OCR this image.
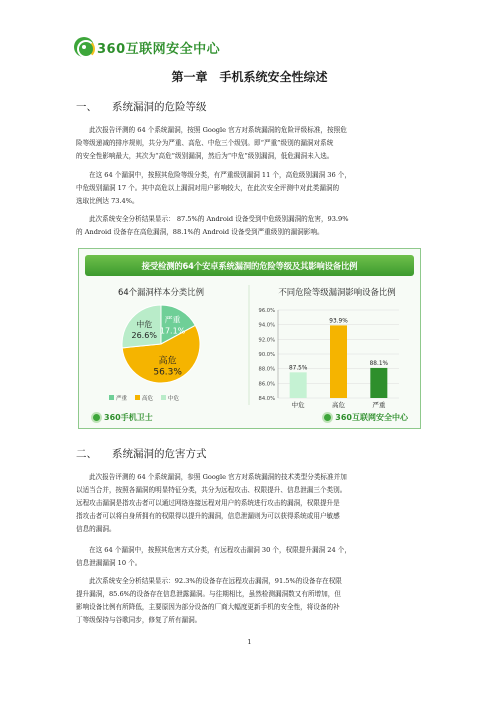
360互联网安全中心
第一章　手机系统安全性综述
一、	系统漏洞的危险等级
此次报告评测的 64 个系统漏洞，按照 Google 官方对系统漏洞的危险评级标准，按照危
险等级递减的排序规则，共分为严重、高危、中危三个级别。即“严重”级别的漏洞对系统
的安全性影响最大，其次为“高危”级别漏洞，然后为“中危”级别漏洞，低危漏洞未入选。
在这 64 个漏洞中，按照其危险等级分类，有严重级别漏洞 11 个，高危级别漏洞 36 个，
中危级别漏洞 17 个。其中高危以上漏洞对用户影响较大，在此次安全评测中对此类漏洞的
选取比例达 73.4%。
此次系统安全分析结果显示： 87.5%的 Android 设备受到中危级别漏洞的危害，93.9%
的 Android 设备存在高危漏洞，88.1%的 Android 设备受到严重级别的漏洞影响。
接受检测的64个安卓系统漏洞的危险等级及其影响设备比例
64个漏洞样本分类比例
严重
17.1%
高危
56.3%
中危
26.6%
严重	高危	中危
不同危险等级漏洞影响设备比例
84.0%
86.0%
88.0%
90.0%
92.0%
94.0%
96.0%
87.5%
中危
93.9%
高危
88.1%
严重
360手机卫士	360互联网安全中心
二、	系统漏洞的危害方式
此次报告评测的 64 个系统漏洞，参照 Google 官方对系统漏洞的技术类型分类标准并加
以适当合并，按照各漏洞的明显特征分类，共分为远程攻击、权限提升、信息泄漏三个类别。
远程攻击漏洞是指攻击者可以通过网络连接远程对用户的系统进行攻击的漏洞，权限提升是
指攻击者可以将自身所拥有的权限得以提升的漏洞，信息泄漏则为可以获得系统或用户敏感
信息的漏洞。
在这 64 个漏洞中，按照其危害方式分类，有远程攻击漏洞 30 个，权限提升漏洞 24 个，
信息泄漏漏洞 10 个。
此次系统安全分析结果显示：92.3%的设备存在远程攻击漏洞，91.5%的设备存在权限
提升漏洞，85.6%的设备存在信息泄露漏洞。与往期相比，虽然检测漏洞数又有所增加，但
影响设备比例有所降低，主要原因为部分设备的厂商大幅度更新手机的安全性，将设备的补
丁等级保持与谷歌同步，修复了所有漏洞。
1
